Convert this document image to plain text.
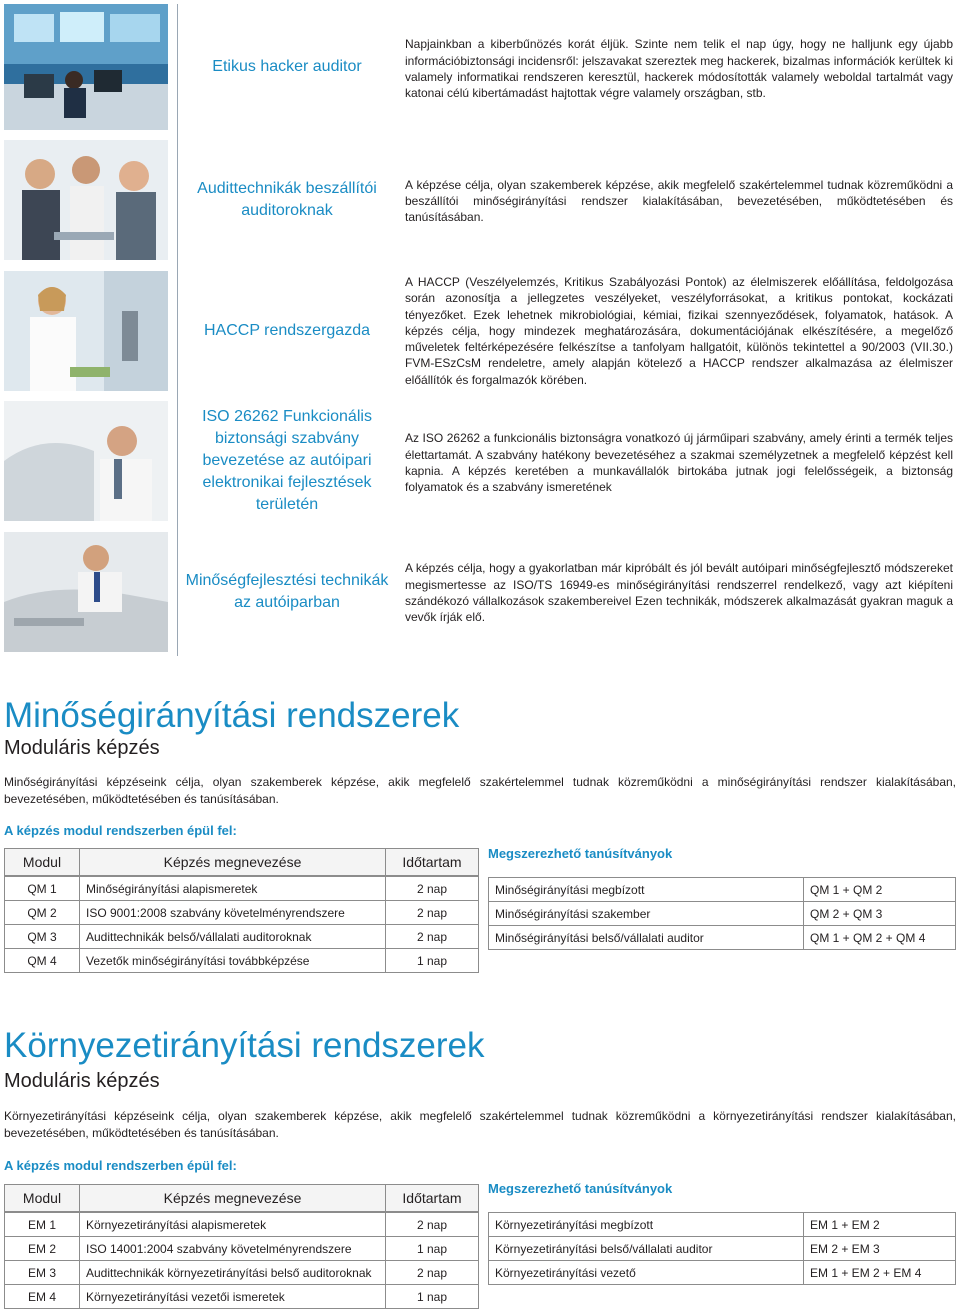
Etikus hacker auditor
Napjainkban a kiberbűnözés korát éljük. Szinte nem telik el nap úgy, hogy ne halljunk egy újabb információbiztonsági incidensről: jelszavakat szereztek meg hackerek, bizalmas információk kerültek ki valamely informatikai rendszeren keresztül, hackerek módosították valamely weboldal tartalmát vagy katonai célú kibertámadást hajtottak végre valamely országban, stb.
Audittechnikák beszállítói auditoroknak
A képzése célja, olyan szakemberek képzése, akik megfelelő szakértelemmel tudnak közreműködni a beszállítói minőségirányítási rendszer kialakításában, bevezetésében, működtetésében és tanúsításában.
HACCP rendszergazda
A HACCP (Veszélyelemzés, Kritikus Szabályozási Pontok) az élelmiszerek előállítása, feldolgozása során azonosítja a jellegzetes veszélyeket, veszélyforrásokat, a kritikus pontokat, kockázati tényezőket. Ezek lehetnek mikrobiológiai, kémiai, fizikai szennyeződések, folyamatok, hatások. A képzés célja, hogy mindezek meghatározására, dokumentációjának elkészítésére, a megelőző műveletek feltérképezésére felkészítse a tanfolyam hallgatóit, különös tekintettel a 90/2003 (VII.30.) FVM-ESzCsM rendeletre, amely alapján kötelező a HACCP rendszer alkalmazása az élelmiszer előállítók és forgalmazók körében.
ISO 26262 Funkcionális biztonsági szabvány bevezetése az autóipari elektronikai fejlesztések területén
Az ISO 26262 a funkcionális biztonságra vonatkozó új járműipari szabvány, amely érinti a termék teljes élettartamát. A szabvány hatékony bevezetéséhez a szakmai személyzetnek a megfelelő képzést kell kapnia. A képzés keretében a munkavállalók birtokába jutnak jogi felelősségeik, a biztonság folyamatok és a szabvány ismeretének
Minőségfejlesztési technikák az autóiparban
A képzés célja, hogy a gyakorlatban már kipróbált és jól bevált autóipari minőségfejlesztő módszereket megismertesse az ISO/TS 16949-es minőségirányítási rendszerrel rendelkező, vagy azt kiépíteni szándékozó vállalkozások szakembereivel Ezen technikák, módszerek alkalmazását gyakran maguk a vevők írják elő.
Minőségirányítási rendszerek
Moduláris képzés
Minőségirányítási képzéseink célja, olyan szakemberek képzése, akik megfelelő szakértelemmel tudnak közreműködni a minőségirányítási rendszer kialakításában, bevezetésében, működtetésében és tanúsításában.
A képzés modul rendszerben épül fel:
Megszerezhető tanúsítványok
Modul	Képzés megnevezése	Időtartam
QM 1	Minőségirányítási alapismeretek	2 nap
QM 2	ISO 9001:2008 szabvány követelményrendszere	2 nap
QM 3	Audittechnikák belső/vállalati auditoroknak	2 nap
QM 4	Vezetők minőségirányítási továbbképzése	1 nap
Minőségirányítási megbízott	QM 1 + QM 2
Minőségirányítási szakember	QM 2 + QM 3
Minőségirányítási belső/vállalati auditor	QM 1 + QM 2 + QM 4
Környezetirányítási rendszerek
Moduláris képzés
Környezetirányítási képzéseink célja, olyan szakemberek képzése, akik megfelelő szakértelemmel tudnak közreműködni a környezetirányítási rendszer kialakításában, bevezetésében, működtetésében és tanúsításában.
A képzés modul rendszerben épül fel:
Megszerezhető tanúsítványok
Modul	Képzés megnevezése	Időtartam
EM 1	Környezetirányítási alapismeretek	2 nap
EM 2	ISO 14001:2004 szabvány követelményrendszere	1 nap
EM 3	Audittechnikák környezetirányítási belső auditoroknak	2 nap
EM 4	Környezetirányítási vezetői ismeretek	1 nap
Környezetirányítási megbízott	EM 1 + EM 2
Környezetirányítási belső/vállalati auditor	EM 2 + EM 3
Környezetirányítási vezető	EM 1 + EM 2 + EM 4
